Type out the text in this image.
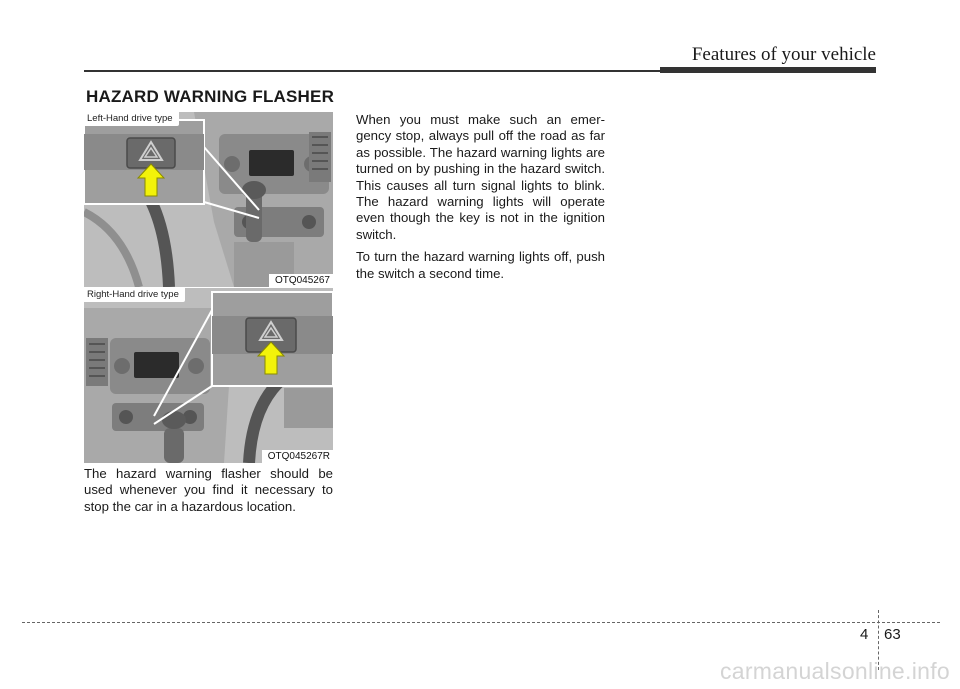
Features of your vehicle
HAZARD WARNING FLASHER
Left-Hand drive type
OTQ045267
Right-Hand drive type
OTQ045267R

The hazard warning flasher should be used whenever you find it necessary to stop the car in a hazardous location.

When you must make such an emer-gency stop, always pull off the road as far as possible. The hazard warning lights are turned on by pushing in the hazard switch. This causes all turn signal lights to blink. The hazard warning lights will operate even though the key is not in the ignition switch.

To turn the hazard warning lights off, push the switch a second time.

4 63
carmanualsonline.info
